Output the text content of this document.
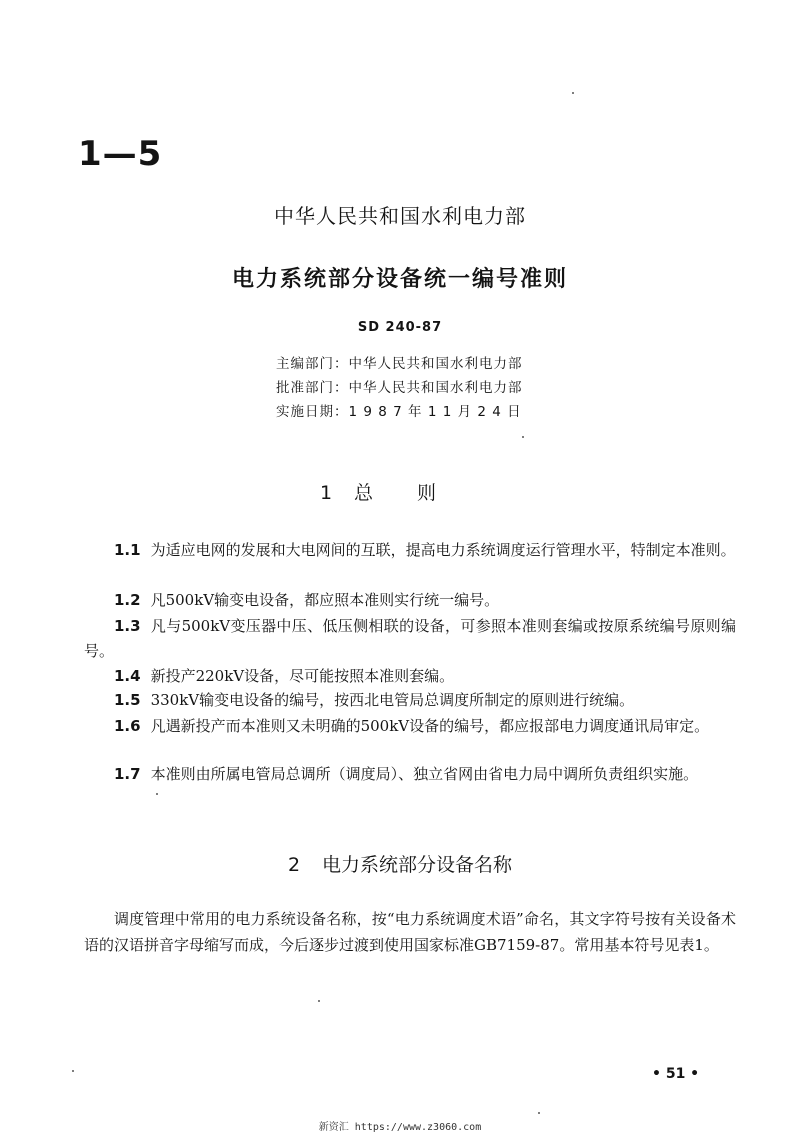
1—5
中华人民共和国水利电力部
电力系统部分设备统一编号准则
SD 240-87
主编部门：中华人民共和国水利电力部
批准部门：中华人民共和国水利电力部
实施日期：1 9 8 7 年 1 1 月 2 4 日
1 总则
1.1 为适应电网的发展和大电网间的互联，提高电力系统调度运行管理水平，特制定本准则。
1.2 凡500kV输变电设备，都应照本准则实行统一编号。
1.3 凡与500kV变压器中压、低压侧相联的设备，可参照本准则套编或按原系统编号原则编号。
1.4 新投产220kV设备，尽可能按照本准则套编。
1.5 330kV输变电设备的编号，按西北电管局总调度所制定的原则进行统编。
1.6 凡遇新投产而本准则又未明确的500kV设备的编号，都应报部电力调度通讯局审定。
1.7 本准则由所属电管局总调所（调度局）、独立省网由省电力局中调所负责组织实施。
2 电力系统部分设备名称
调度管理中常用的电力系统设备名称，按“电力系统调度术语”命名，其文字符号按有关设备术语的汉语拼音字母缩写而成，今后逐步过渡到使用国家标准GB7159-87。常用基本符号见表1。
• 51 •
新资汇 https://www.z3060.com
